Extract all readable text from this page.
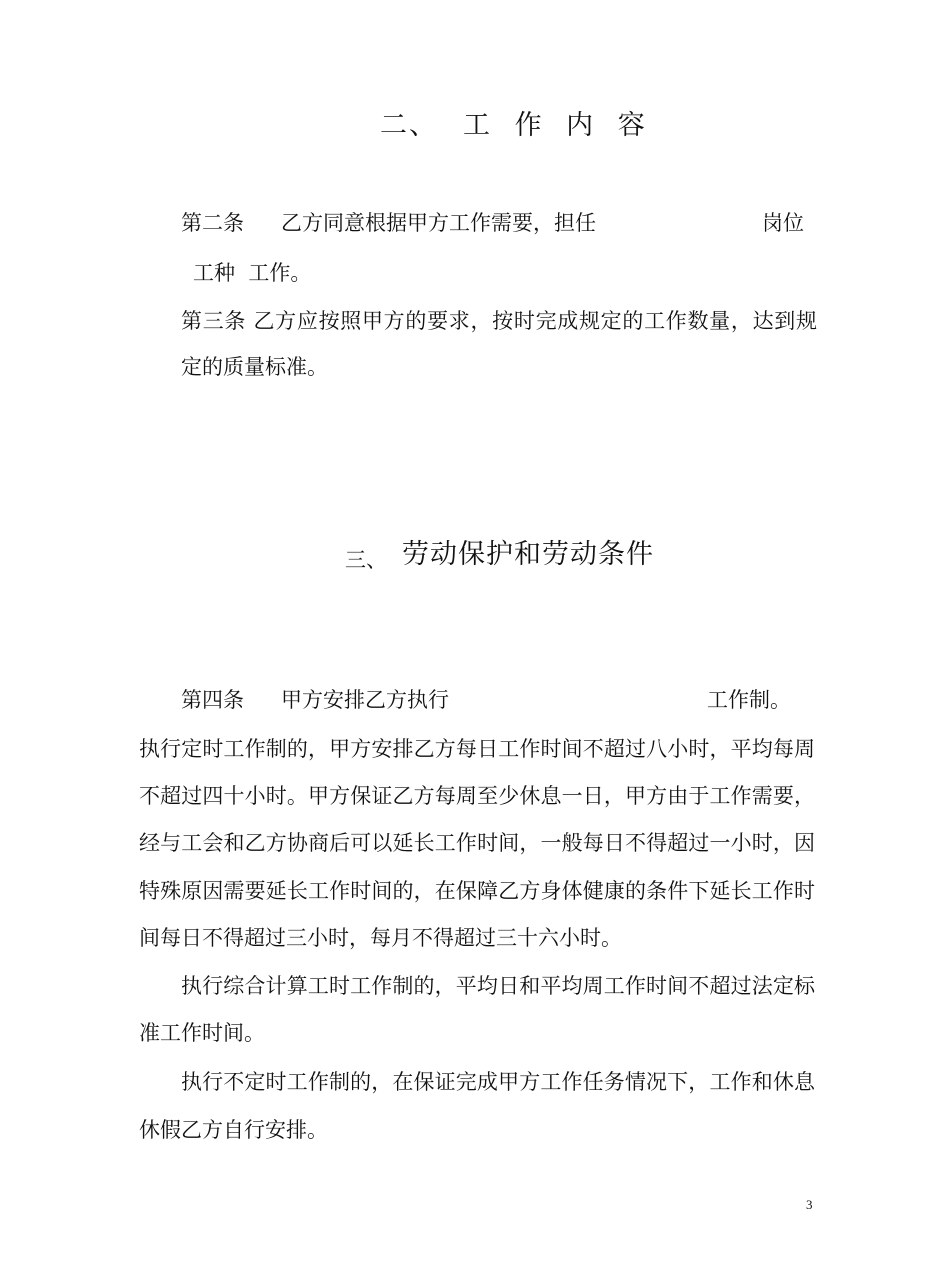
二、 工 作 内 容
第二条 乙方同意根据甲方工作需要，担任	岗位
工种  工作。
第三条 乙方应按照甲方的要求，按时完成规定的工作数量，达到规
定的质量标准。
三、 劳动保护和劳动条件
第四条 甲方安排乙方执行	工作制。
执行定时工作制的，甲方安排乙方每日工作时间不超过八小时，平均每周
不超过四十小时。甲方保证乙方每周至少休息一日，甲方由于工作需要，
经与工会和乙方协商后可以延长工作时间，一般每日不得超过一小时，因
特殊原因需要延长工作时间的，在保障乙方身体健康的条件下延长工作时
间每日不得超过三小时，每月不得超过三十六小时。
执行综合计算工时工作制的，平均日和平均周工作时间不超过法定标
准工作时间。
执行不定时工作制的，在保证完成甲方工作任务情况下，工作和休息
休假乙方自行安排。
3
